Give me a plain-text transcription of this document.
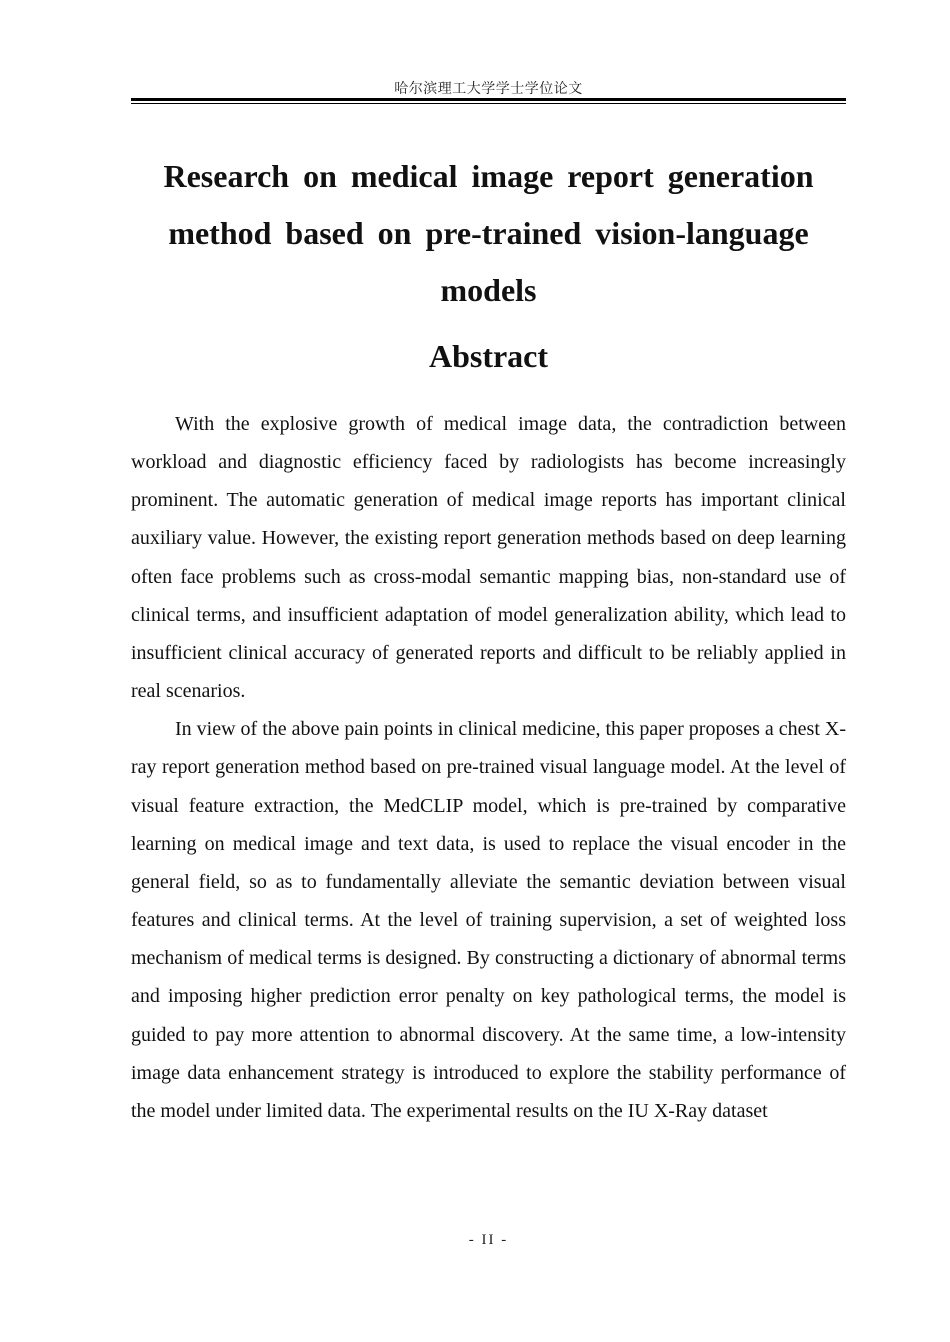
哈尔滨理工大学学士学位论文
Research on medical image report generation method based on pre-trained vision-language models
Abstract

With the explosive growth of medical image data, the contradiction between workload and diagnostic efficiency faced by radiologists has become increasingly prominent. The automatic generation of medical image reports has important clinical auxiliary value. However, the existing report generation methods based on deep learning often face problems such as cross-modal semantic mapping bias, non-standard use of clinical terms, and insufficient adaptation of model generalization ability, which lead to insufficient clinical accuracy of generated reports and difficult to be reliably applied in real scenarios.

In view of the above pain points in clinical medicine, this paper proposes a chest X-ray report generation method based on pre-trained visual language model. At the level of visual feature extraction, the MedCLIP model, which is pre-trained by comparative learning on medical image and text data, is used to replace the visual encoder in the general field, so as to fundamentally alleviate the semantic deviation between visual features and clinical terms. At the level of training supervision, a set of weighted loss mechanism of medical terms is designed. By constructing a dictionary of abnormal terms and imposing higher prediction error penalty on key pathological terms, the model is guided to pay more attention to abnormal discovery. At the same time, a low-intensity image data enhancement strategy is introduced to explore the stability performance of the model under limited data. The experimental results on the IU X-Ray dataset

- II -
